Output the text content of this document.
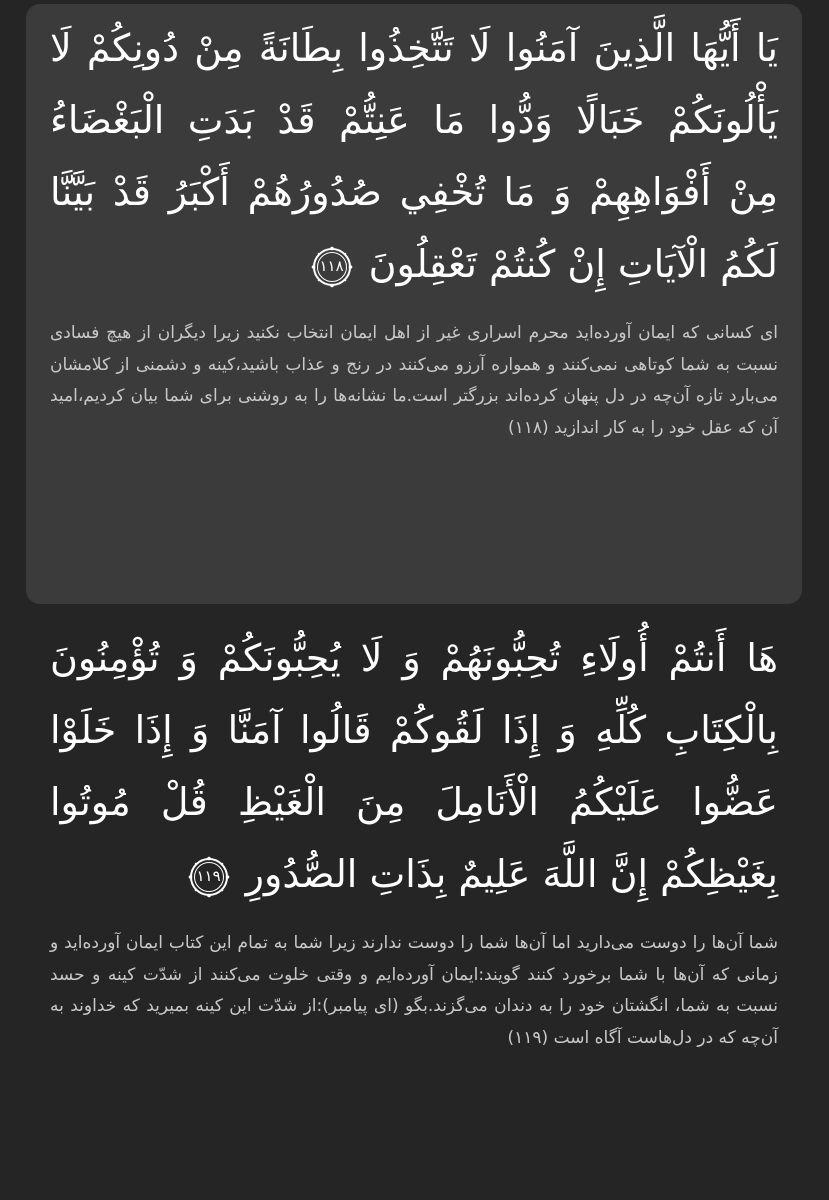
يَا أَيُّهَا الَّذِينَ آمَنُوا لَا تَتَّخِذُوا بِطَانَةً مِنْ دُونِكُمْ لَا
يَأْلُونَكُمْ خَبَالًا وَدُّوا مَا عَنِتُّمْ قَدْ بَدَتِ الْبَغْضَاءُ
مِنْ أَفْوَاهِهِمْ وَ مَا تُخْفِي صُدُورُهُمْ أَكْبَرُ قَدْ بَيَّنَّا
لَكُمُ الْآيَاتِ إِنْ كُنتُمْ تَعْقِلُونَ
١١٨

ای کسانی که ایمان آورده‌اید محرم اسراری غیر از اهل ایمان انتخاب نکنید زیرا دیگران از هیچ فسادی نسبت به شما کوتاهی نمی‌کنند و همواره آرزو می‌کنند در رنج و عذاب باشید،کینه و دشمنی از کلامشان می‌بارد تازه آن‌چه در دل پنهان کرده‌اند بزرگتر است.ما نشانه‌ها را به روشنی برای شما بیان کردیم،امید آن که عقل خود را به کار اندازید (۱۱۸)

هَا أَنتُمْ أُولَاءِ تُحِبُّونَهُمْ وَ لَا يُحِبُّونَكُمْ وَ تُؤْمِنُونَ
بِالْكِتَابِ كُلِّهِ وَ إِذَا لَقُوكُمْ قَالُوا آمَنَّا وَ إِذَا خَلَوْا
عَضُّوا عَلَيْكُمُ الْأَنَامِلَ مِنَ الْغَيْظِ قُلْ مُوتُوا
بِغَيْظِكُمْ إِنَّ اللَّهَ عَلِيمٌ بِذَاتِ الصُّدُورِ
١١٩

شما آن‌ها را دوست می‌دارید اما آن‌ها شما را دوست ندارند زیرا شما به تمام این کتاب ایمان آورده‌اید و زمانی که آن‌ها با شما برخورد کنند گویند:ایمان آورده‌ایم و وقتی خلوت می‌کنند از شدّت کینه و حسد نسبت به شما، انگشتان خود را به دندان می‌گزند.بگو (ای پیامبر):از شدّت این کینه بمیرید که خداوند به آن‌چه که در دل‌هاست آگاه است (۱۱۹)
